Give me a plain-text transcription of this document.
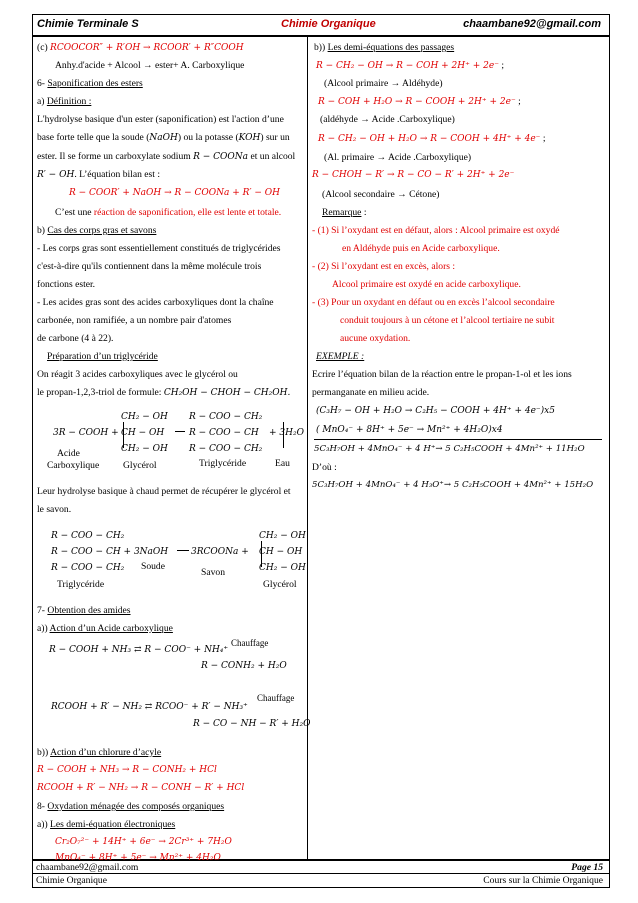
Chimie Terminale S	Chimie Organique	chaambane92@gmail.com
(c) RCOOCOR″ + R′OH → RCOOR′ + R″COOH
Anhy.d'acide + Alcool → ester+ A. Carboxylique
6- Saponification des esters
a) Définition :
L'hydrolyse basique d'un ester (saponification) est l'action d’une
base forte telle que la soude (NaOH) ou la potasse (KOH) sur un
ester. Il se forme un carboxylate sodium R − COONa et un alcool
R′ − OH. L’équation bilan est :
R − COOR′ + NaOH → R − COONa + R′ − OH
C’est une réaction de saponification, elle est lente et totale.
b) Cas des corps gras et savons
- Les corps gras sont essentiellement constitués de triglycérides
c'est-à-dire qu'ils contiennent dans la même molécule trois
fonctions ester.
- Les acides gras sont des acides carboxyliques dont la chaîne
carbonée, non ramifiée, a un nombre pair d'atomes
de carbone (4 à 22).
Préparation d’un triglycéride
On réagit 3 acides carboxyliques avec le glycérol ou
le propan-1,2,3-triol de formule: CH₂OH − CHOH − CH₂OH.
3R − COOH +
CH₂ − OH
CH − OH
CH₂ − OH
R − COO − CH₂
R − COO − CH
R − COO − CH₂
+ 3H₂O
Acide
Carboxylique Glycérol	Triglycéride	Eau
Leur hydrolyse basique à chaud permet de récupérer le glycérol et
le savon.
R − COO − CH₂
R − COO − CH + 3NaOH
R − COO − CH₂
3RCOONa +
CH₂ − OH
CH − OH
CH₂ − OH
Soude
Savon
Triglycéride	Glycérol
7- Obtention des amides
a)) Action d’un Acide carboxylique
R − COOH + NH₃ ⇄ R − COO⁻ + NH₄⁺
Chauffage
R − CONH₂ + H₂O
RCOOH + R′ − NH₂ ⇄ RCOO⁻ + R′ − NH₃⁺
Chauffage
R − CO − NH − R′ + H₂O
b)) Action d’un chlorure d’acyle
R − COOH + NH₃ → R − CONH₂ + HCl
RCOOH + R′ − NH₂ → R − CONH − R′ + HCl
8- Oxydation ménagée des composés organiques
a)) Les demi-équation électroniques
Cr₂O₇²⁻ + 14H⁺ + 6e⁻ → 2Cr³⁺ + 7H₂O
MnO₄⁻ + 8H⁺ + 5e⁻ → Mn²⁺ + 4H₂O
b)) Les demi-équations des passages
R − CH₂ − OH → R − COH + 2H⁺ + 2e⁻ ;
(Alcool primaire → Aldéhyde)
R − COH + H₂O → R − COOH + 2H⁺ + 2e⁻ ;
(aldéhyde → Acide .Carboxylique)
R − CH₂ − OH + H₂O → R − COOH + 4H⁺ + 4e⁻ ;
(Al. primaire → Acide .Carboxylique)
R − CHOH − R′ → R − CO − R′ + 2H⁺ + 2e⁻
(Alcool secondaire → Cétone)
Remarque :
- (1) Si l’oxydant est en défaut, alors : Alcool primaire est oxydé
en Aldéhyde puis en Acide carboxylique.
- (2) Si l’oxydant est en excès, alors :
Alcool primaire est oxydé en acide carboxylique.
- (3) Pour un oxydant en défaut ou en excès l’alcool secondaire
conduit toujours à un cétone et l’alcool tertiaire ne subit
aucune oxydation.
EXEMPLE :
Ecrire l’équation bilan de la réaction entre le propan-1-ol et les ions
permanganate en milieu acide.
(C₃H₇ − OH + H₂O → C₂H₅ − COOH + 4H⁺ + 4e⁻)x5
( MnO₄⁻ + 8H⁺ + 5e⁻ → Mn²⁺ + 4H₂O)x4
5C₃H₇OH + 4MnO₄⁻ + 4 H⁺→ 5 C₂H₅COOH + 4Mn²⁺ + 11H₂O
D’où :
5C₃H₇OH + 4MnO₄⁻ + 4 H₃O⁺→ 5 C₂H₅COOH + 4Mn²⁺ + 15H₂O
chaambane92@gmail.com	Page 15
Chimie Organique	Cours sur la Chimie Organique
